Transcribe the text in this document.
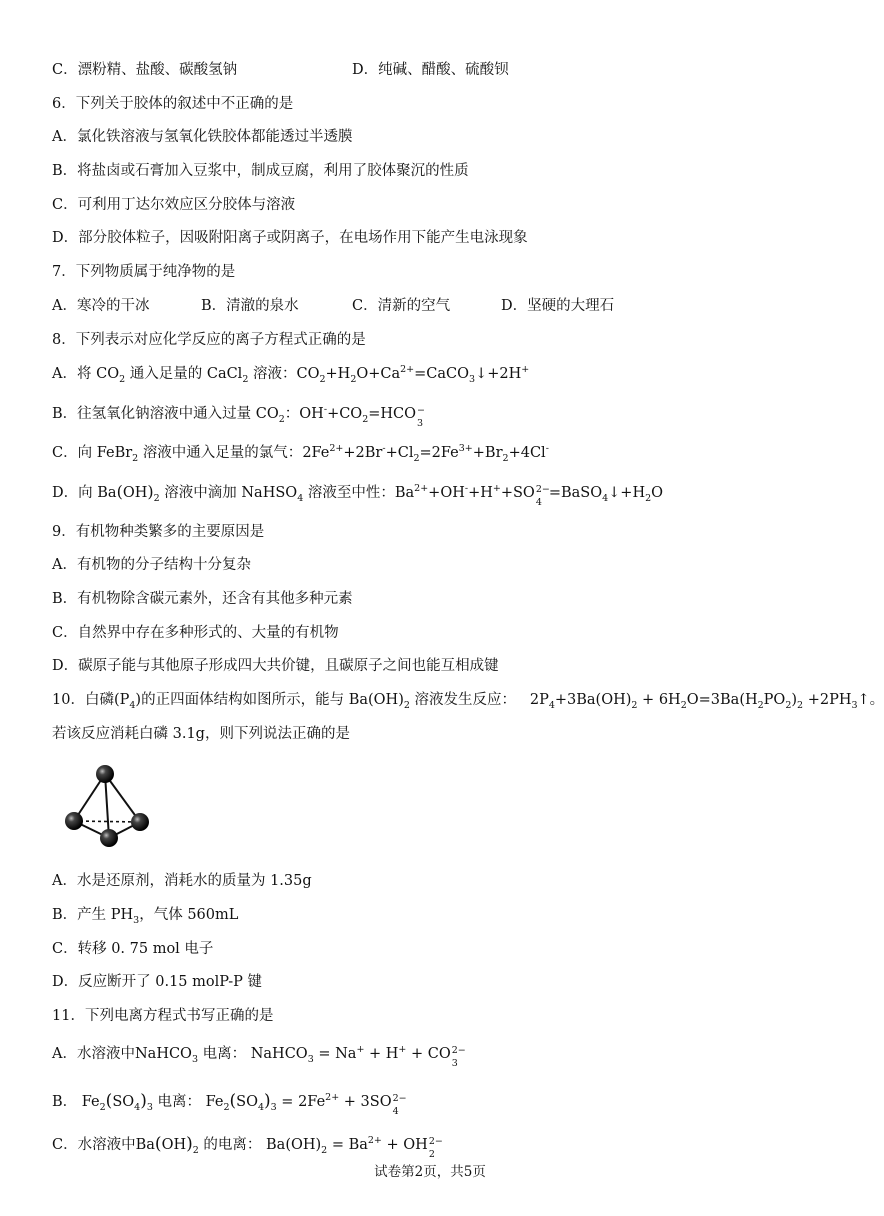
C．漂粉精、盐酸、碳酸氢钠	D．纯碱、醋酸、硫酸钡
6．下列关于胶体的叙述中不正确的是
A．氯化铁溶液与氢氧化铁胶体都能透过半透膜
B．将盐卤或石膏加入豆浆中，制成豆腐，利用了胶体聚沉的性质
C．可利用丁达尔效应区分胶体与溶液
D．部分胶体粒子，因吸附阳离子或阴离子，在电场作用下能产生电泳现象
7．下列物质属于纯净物的是
A．寒冷的干冰	B．清澈的泉水	C．清新的空气	D．坚硬的大理石
8．下列表示对应化学反应的离子方程式正确的是
A．将 $CO_2$ 通入足量的 CaCl$_2$ 溶液：$CO_2+H_2O+Ca^{2+}=CaCO_3↓+2H^+$
B．往氢氧化钠溶液中通入过量 $CO_2$：$OH^-+CO_2=HCO$ −
3
C．向 FeBr$_2$ 溶液中通入足量的氯气：$2Fe^{2+}+2Br^-+Cl_2=2Fe^{3+}+Br_2+4Cl^-$
D．向 $Ba(OH)_2$ 溶液中滴加 NaHSO$_4$ 溶液至中性：$Ba^{2+}+OH^-+H^++SO$ 2−
4
$=BaSO_4↓+H_2O$
9．有机物种类繁多的主要原因是
A．有机物的分子结构十分复杂
B．有机物除含碳元素外，还含有其他多种元素
C．自然界中存在多种形式的、大量的有机物
D．碳原子能与其他原子形成四大共价键，且碳原子之间也能互相成键
10．白磷$(P_4)$的正四面体结构如图所示，能与 $Ba(OH)_2$ 溶液发生反应：   $2P_4+3Ba(OH)_2 + 6H_2O=3Ba(H_2PO_2)_2$ $+2PH_3↑$。
若该反应消耗白磷 3.1g，则下列说法正确的是
A．水是还原剂，消耗水的质量为 1.35g
B．产生 $PH_3$，气体 560mL
C．转移 0. 75 mol 电子
D．反应断开了 0.15 molP-P 键
11．下列电离方程式书写正确的是
A．水溶液中NaHCO$_3$ 电离： NaHCO$_3$ = Na+ + H+ + CO 2−
3
B． $Fe_2(SO_4)_3$ 电离： $Fe_2(SO_4)_3 = 2Fe^{2+} + 3SO$ 2−
4
C．水溶液中$Ba(OH)_2$ 的电离： $Ba(OH)_2 = Ba^{2+}$ + OH 2−
2
试卷第2页，共5页
